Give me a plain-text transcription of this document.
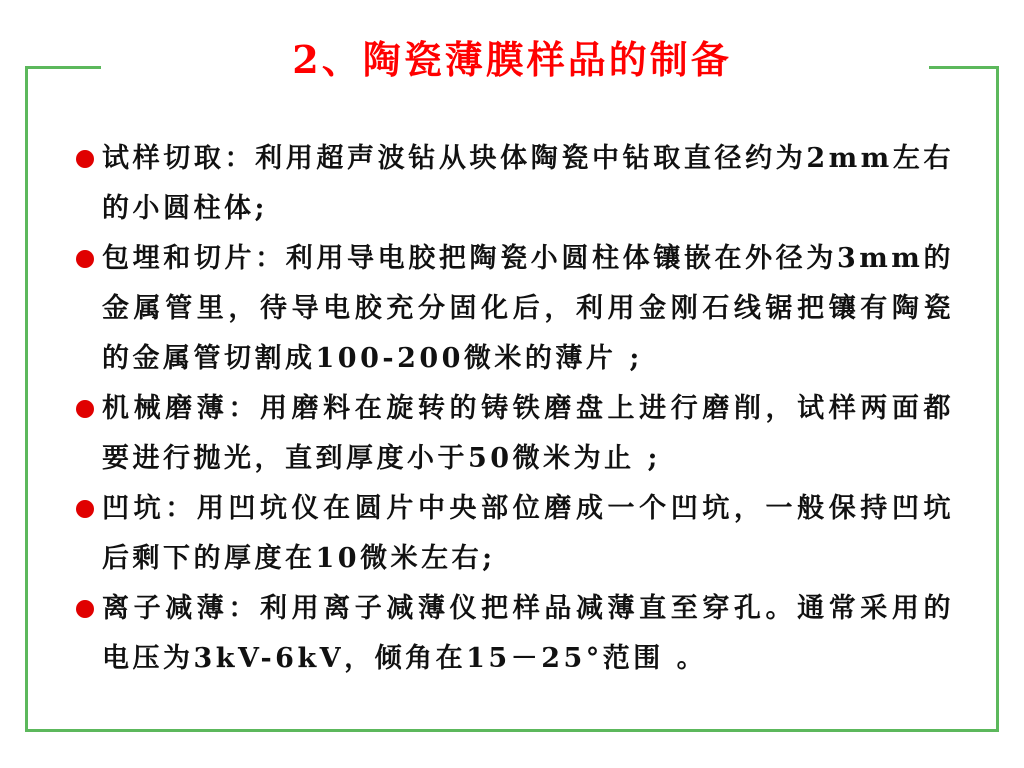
2、陶瓷薄膜样品的制备
试样切取：利用超声波钻从块体陶瓷中钻取直径约为2mm左右的小圆柱体;
包埋和切片：利用导电胶把陶瓷小圆柱体镶嵌在外径为3mm的金属管里，待导电胶充分固化后，利用金刚石线锯把镶有陶瓷的金属管切割成100-200微米的薄片 ;
机械磨薄：用磨料在旋转的铸铁磨盘上进行磨削，试样两面都要进行抛光，直到厚度小于50微米为止 ;
凹坑：用凹坑仪在圆片中央部位磨成一个凹坑，一般保持凹坑后剩下的厚度在10微米左右;
离子减薄：利用离子减薄仪把样品减薄直至穿孔。通常采用的电压为3kV-6kV，倾角在15－25°范围 。
